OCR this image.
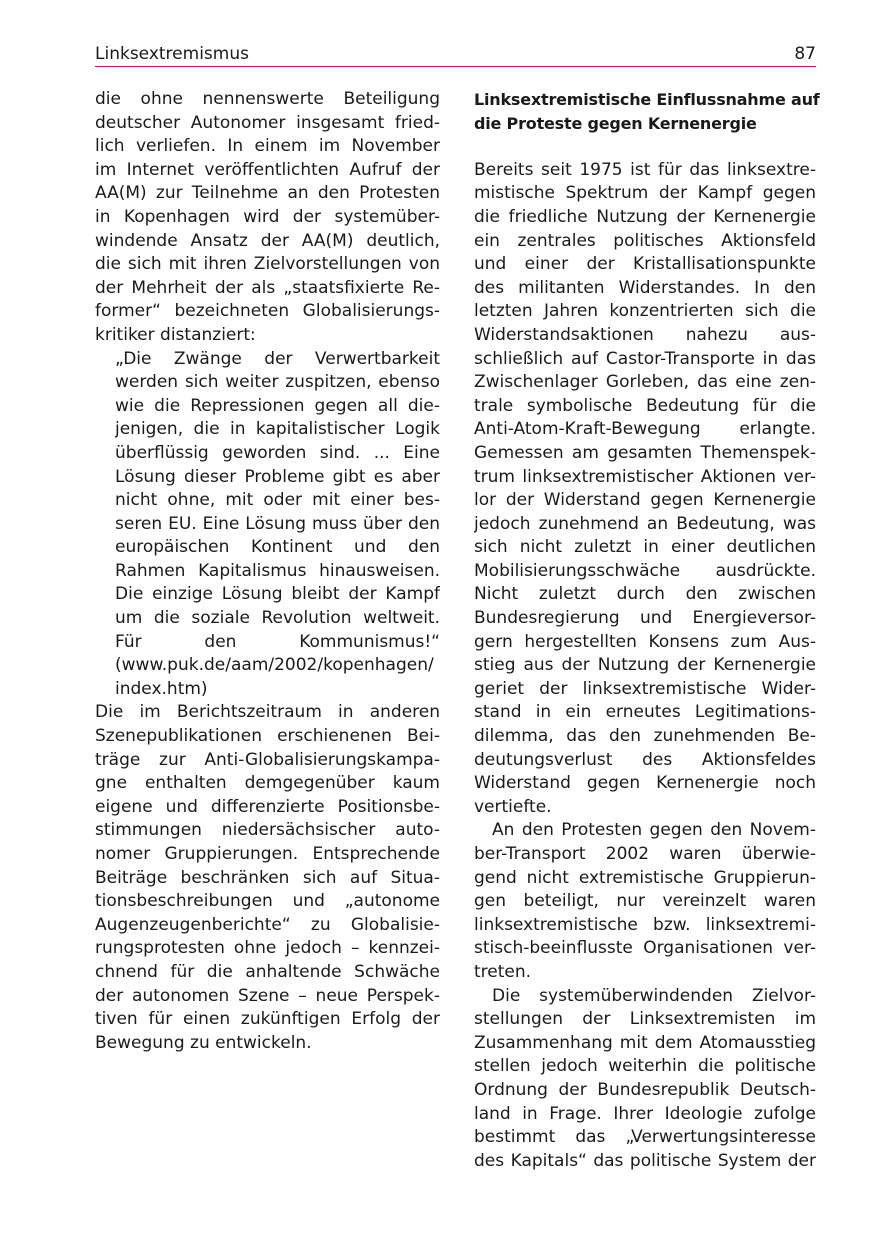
Linksextremismus	87
die ohne nennenswerte Beteiligung
deutscher Autonomer insgesamt fried-
lich verliefen. In einem im November
im Internet veröffentlichten Aufruf der
AA(M) zur Teilnehme an den Protesten
in Kopenhagen wird der systemüber-
windende Ansatz der AA(M) deutlich,
die sich mit ihren Zielvorstellungen von
der Mehrheit der als „staatsfixierte Re-
former“ bezeichneten Globalisierungs-
kritiker distanziert:
„Die Zwänge der Verwertbarkeit
werden sich weiter zuspitzen, ebenso
wie die Repressionen gegen all die-
jenigen, die in kapitalistischer Logik
überflüssig geworden sind. ... Eine
Lösung dieser Probleme gibt es aber
nicht ohne, mit oder mit einer bes-
seren EU. Eine Lösung muss über den
europäischen Kontinent und den
Rahmen Kapitalismus hinausweisen.
Die einzige Lösung bleibt der Kampf
um die soziale Revolution weltweit.
Für den Kommunismus!“
(www.puk.de/aam/2002/kopenhagen/
index.htm)
Die im Berichtszeitraum in anderen
Szenepublikationen erschienenen Bei-
träge zur Anti-Globalisierungskampa-
gne enthalten demgegenüber kaum
eigene und differenzierte Positionsbe-
stimmungen niedersächsischer auto-
nomer Gruppierungen. Entsprechende
Beiträge beschränken sich auf Situa-
tionsbeschreibungen und „autonome
Augenzeugenberichte“ zu Globalisie-
rungsprotesten ohne jedoch – kennzei-
chnend für die anhaltende Schwäche
der autonomen Szene – neue Perspek-
tiven für einen zukünftigen Erfolg der
Bewegung zu entwickeln.
Linksextremistische Einflussnahme auf
die Proteste gegen Kernenergie
Bereits seit 1975 ist für das linksextre-
mistische Spektrum der Kampf gegen
die friedliche Nutzung der Kernenergie
ein zentrales politisches Aktionsfeld
und einer der Kristallisationspunkte
des militanten Widerstandes. In den
letzten Jahren konzentrierten sich die
Widerstandsaktionen nahezu aus-
schließlich auf Castor-Transporte in das
Zwischenlager Gorleben, das eine zen-
trale symbolische Bedeutung für die
Anti-Atom-Kraft-Bewegung erlangte.
Gemessen am gesamten Themenspek-
trum linksextremistischer Aktionen ver-
lor der Widerstand gegen Kernenergie
jedoch zunehmend an Bedeutung, was
sich nicht zuletzt in einer deutlichen
Mobilisierungsschwäche ausdrückte.
Nicht zuletzt durch den zwischen
Bundesregierung und Energieversor-
gern hergestellten Konsens zum Aus-
stieg aus der Nutzung der Kernenergie
geriet der linksextremistische Wider-
stand in ein erneutes Legitimations-
dilemma, das den zunehmenden Be-
deutungsverlust des Aktionsfeldes
Widerstand gegen Kernenergie noch
vertiefte.
An den Protesten gegen den Novem-
ber-Transport 2002 waren überwie-
gend nicht extremistische Gruppierun-
gen beteiligt, nur vereinzelt waren
linksextremistische bzw. linksextremi-
stisch-beeinflusste Organisationen ver-
treten.
Die systemüberwindenden Zielvor-
stellungen der Linksextremisten im
Zusammenhang mit dem Atomausstieg
stellen jedoch weiterhin die politische
Ordnung der Bundesrepublik Deutsch-
land in Frage. Ihrer Ideologie zufolge
bestimmt das „Verwertungsinteresse
des Kapitals“ das politische System der
